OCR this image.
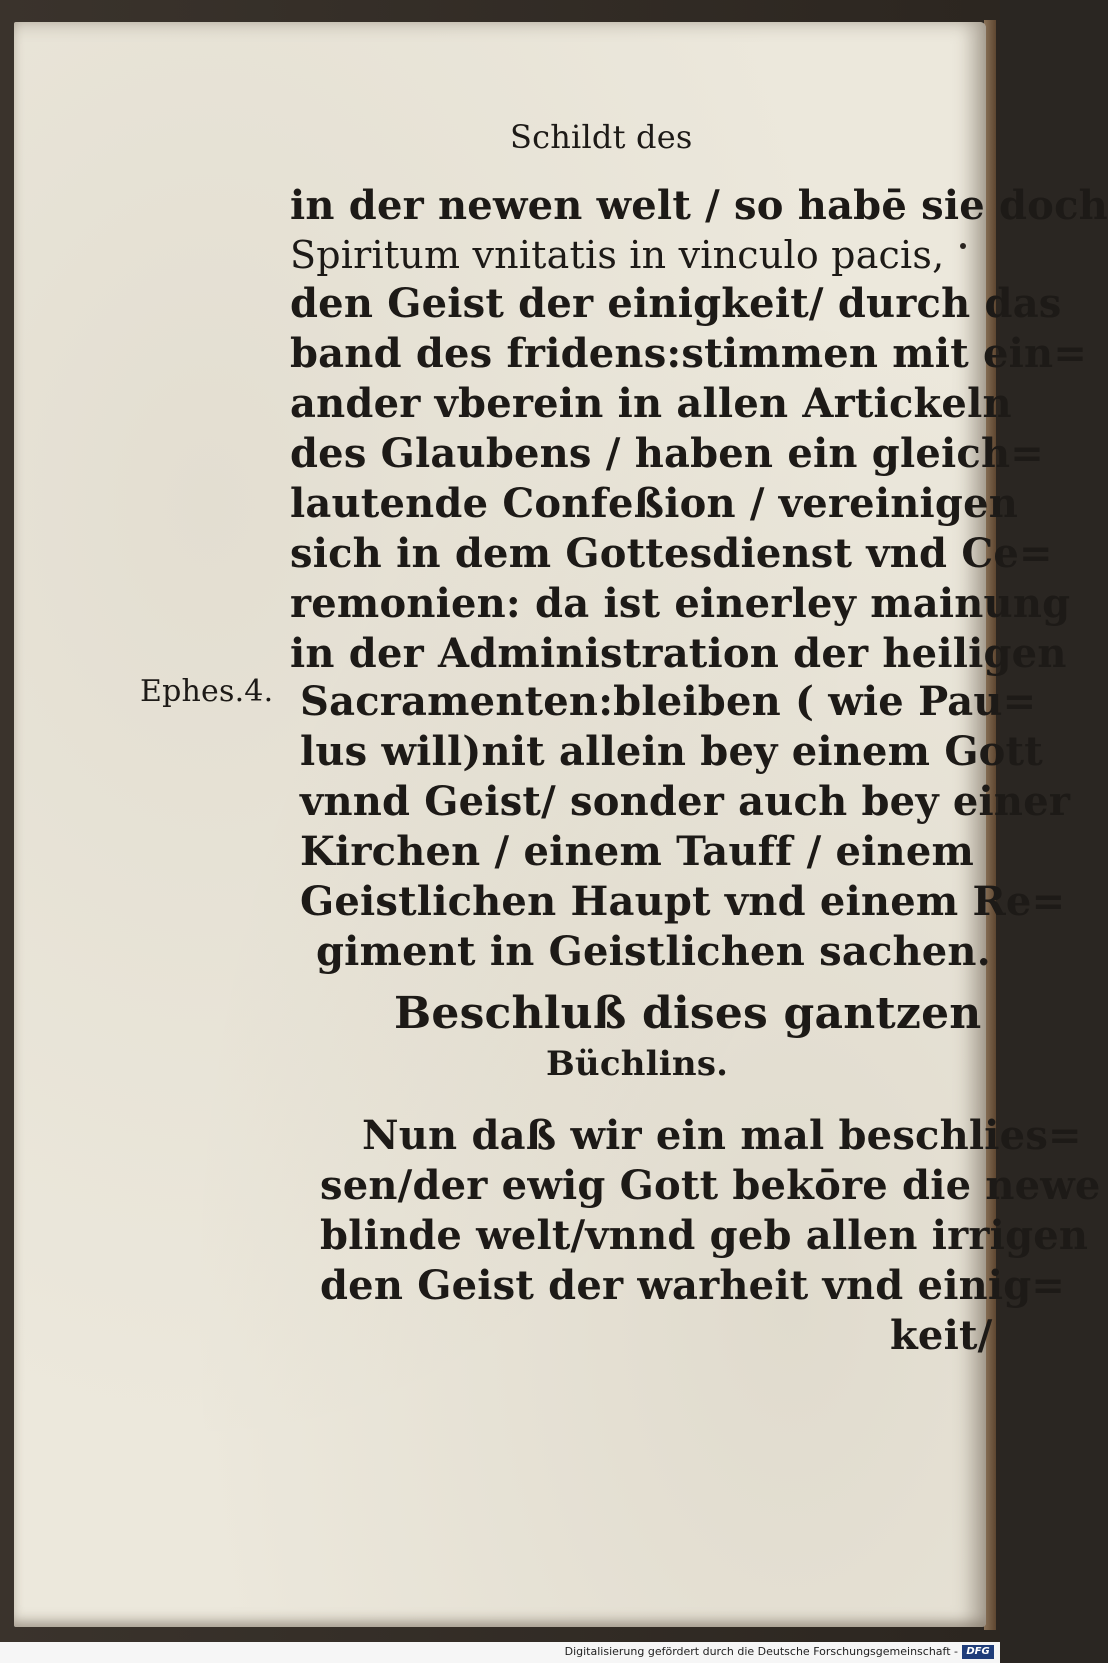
Schildt des
in der newen welt / so habē sie doch
Spiritum vnitatis in vinculo pacis,
den Geist der einigkeit/ durch das
band des fridens:stimmen mit ein=
ander vberein in allen Artickeln
des Glaubens / haben ein gleich=
lautende Confeßion / vereinigen
sich in dem Gottesdienst vnd Ce=
remonien: da ist einerley mainung
in der Administration der heiligen
Ephes.4. Sacramenten:bleiben ( wie Pau=
lus will)nit allein bey einem Gott
vnnd Geist/ sonder auch bey einer
Kirchen / einem Tauff / einem
Geistlichen Haupt vnd einem Re=
giment in Geistlichen sachen.
Beschluß dises gantzen
Büchlins.
Nun daß wir ein mal beschlies=
sen/der ewig Gott bekōre die newe
blinde welt/vnnd geb allen irrigen
den Geist der warheit vnd einig=
keit/
Digitalisierung gefördert durch die Deutsche Forschungsgemeinschaft - DFG
